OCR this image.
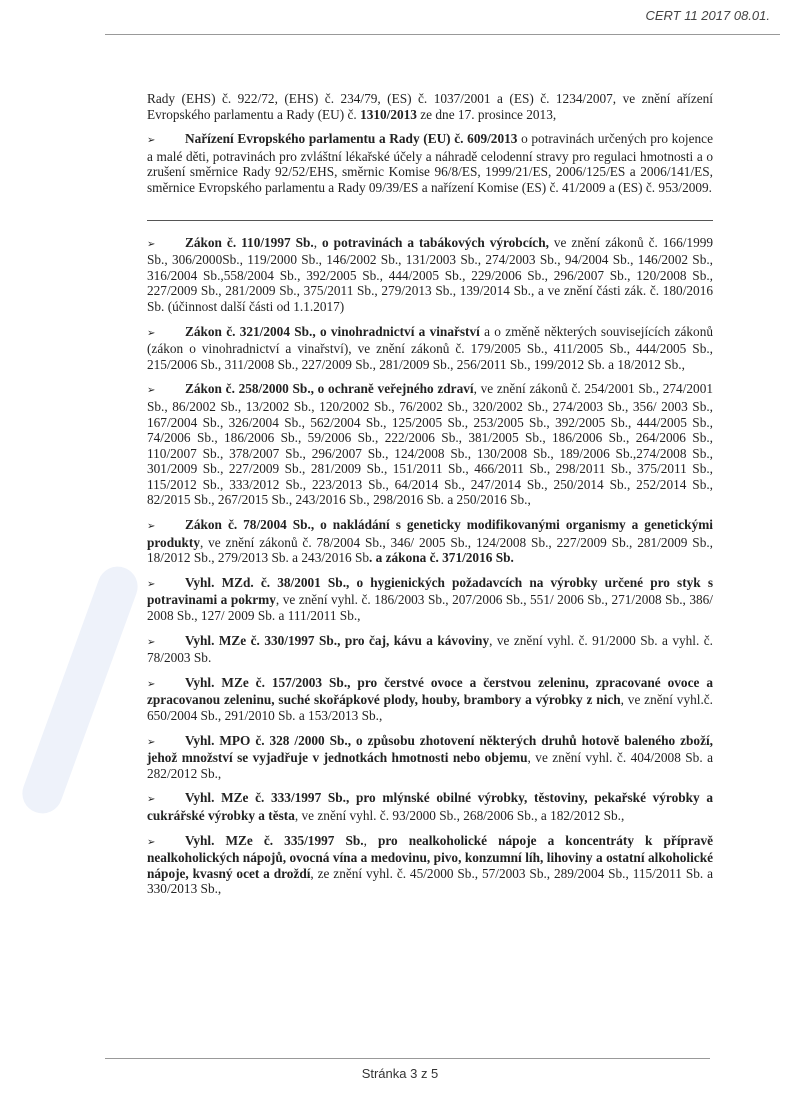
CERT 11 2017 08.01.

Rady (EHS) č. 922/72, (EHS) č. 234/79, (ES) č. 1037/2001 a (ES) č. 1234/2007, ve znění ařízení Evropského parlamentu a Rady (EU) č. 1310/2013 ze dne 17. prosince 2013,

➢ Nařízení Evropského parlamentu a Rady (EU) č. 609/2013 o potravinách určených pro kojence a malé děti, potravinách pro zvláštní lékařské účely a náhradě celodenní stravy pro regulaci hmotnosti a o zrušení směrnice Rady 92/52/EHS, směrnic Komise 96/8/ES, 1999/21/ES, 2006/125/ES a 2006/141/ES, směrnice Evropského parlamentu a Rady 09/39/ES a nařízení Komise (ES) č. 41/2009 a (ES) č. 953/2009.

➢ Zákon č. 110/1997 Sb., o potravinách a tabákových výrobcích, ve znění zákonů č. 166/1999 Sb., 306/2000Sb., 119/2000 Sb., 146/2002 Sb., 131/2003 Sb., 274/2003 Sb., 94/2004 Sb., 146/2002 Sb., 316/2004 Sb.,558/2004 Sb., 392/2005 Sb., 444/2005 Sb., 229/2006 Sb., 296/2007 Sb., 120/2008 Sb., 227/2009 Sb., 281/2009 Sb., 375/2011 Sb., 279/2013 Sb., 139/2014 Sb., a ve znění části zák. č. 180/2016 Sb. (účinnost další části od 1.1.2017)

➢ Zákon č. 321/2004 Sb., o vinohradnictví a vinařství a o změně některých souvisejících zákonů (zákon o vinohradnictví a vinařství), ve znění zákonů č. 179/2005 Sb., 411/2005 Sb., 444/2005 Sb., 215/2006 Sb., 311/2008 Sb., 227/2009 Sb., 281/2009 Sb., 256/2011 Sb., 199/2012 Sb. a 18/2012 Sb.,

➢ Zákon č. 258/2000 Sb., o ochraně veřejného zdraví, ve znění zákonů č. 254/2001 Sb., 274/2001 Sb., 86/2002 Sb., 13/2002 Sb., 120/2002 Sb., 76/2002 Sb., 320/2002 Sb., 274/2003 Sb., 356/ 2003 Sb., 167/2004 Sb., 326/2004 Sb., 562/2004 Sb., 125/2005 Sb., 253/2005 Sb., 392/2005 Sb., 444/2005 Sb., 74/2006 Sb., 186/2006 Sb., 59/2006 Sb., 222/2006 Sb., 381/2005 Sb., 186/2006 Sb., 264/2006 Sb., 110/2007 Sb., 378/2007 Sb., 296/2007 Sb., 124/2008 Sb., 130/2008 Sb., 189/2006 Sb.,274/2008 Sb., 301/2009 Sb., 227/2009 Sb., 281/2009 Sb., 151/2011 Sb., 466/2011 Sb., 298/2011 Sb., 375/2011 Sb., 115/2012 Sb., 333/2012 Sb., 223/2013 Sb., 64/2014 Sb., 247/2014 Sb., 250/2014 Sb., 252/2014 Sb., 82/2015 Sb., 267/2015 Sb., 243/2016 Sb., 298/2016 Sb. a 250/2016 Sb.,

➢ Zákon č. 78/2004 Sb., o nakládání s geneticky modifikovanými organismy a genetickými produkty, ve znění zákonů č. 78/2004 Sb., 346/ 2005 Sb., 124/2008 Sb., 227/2009 Sb., 281/2009 Sb., 18/2012 Sb., 279/2013 Sb. a 243/2016 Sb. a zákona č. 371/2016 Sb.

➢ Vyhl. MZd. č. 38/2001 Sb., o hygienických požadavcích na výrobky určené pro styk s potravinami a pokrmy, ve znění vyhl. č. 186/2003 Sb., 207/2006 Sb., 551/ 2006 Sb., 271/2008 Sb., 386/ 2008 Sb., 127/ 2009 Sb. a 111/2011 Sb.,

➢ Vyhl. MZe č. 330/1997 Sb., pro čaj, kávu a kávoviny, ve znění vyhl. č. 91/2000 Sb. a vyhl. č. 78/2003 Sb.

➢ Vyhl. MZe č. 157/2003 Sb., pro čerstvé ovoce a čerstvou zeleninu, zpracované ovoce a zpracovanou zeleninu, suché skořápkové plody, houby, brambory a výrobky z nich, ve znění vyhl.č. 650/2004 Sb., 291/2010 Sb. a 153/2013 Sb.,

➢ Vyhl. MPO č. 328 /2000 Sb., o způsobu zhotovení některých druhů hotově baleného zboží, jehož množství se vyjadřuje v jednotkách hmotnosti nebo objemu, ve znění vyhl. č. 404/2008 Sb. a 282/2012 Sb.,

➢ Vyhl. MZe č. 333/1997 Sb., pro mlýnské obilné výrobky, těstoviny, pekařské výrobky a cukrářské výrobky a těsta, ve znění vyhl. č. 93/2000 Sb., 268/2006 Sb., a 182/2012 Sb.,

➢ Vyhl. MZe č. 335/1997 Sb., pro nealkoholické nápoje a koncentráty k přípravě nealkoholických nápojů, ovocná vína a medovinu, pivo, konzumní líh, lihoviny a ostatní alkoholické nápoje, kvasný ocet a droždí, ze znění vyhl. č. 45/2000 Sb., 57/2003 Sb., 289/2004 Sb., 115/2011 Sb. a 330/2013 Sb.,

Stránka 3 z 5
